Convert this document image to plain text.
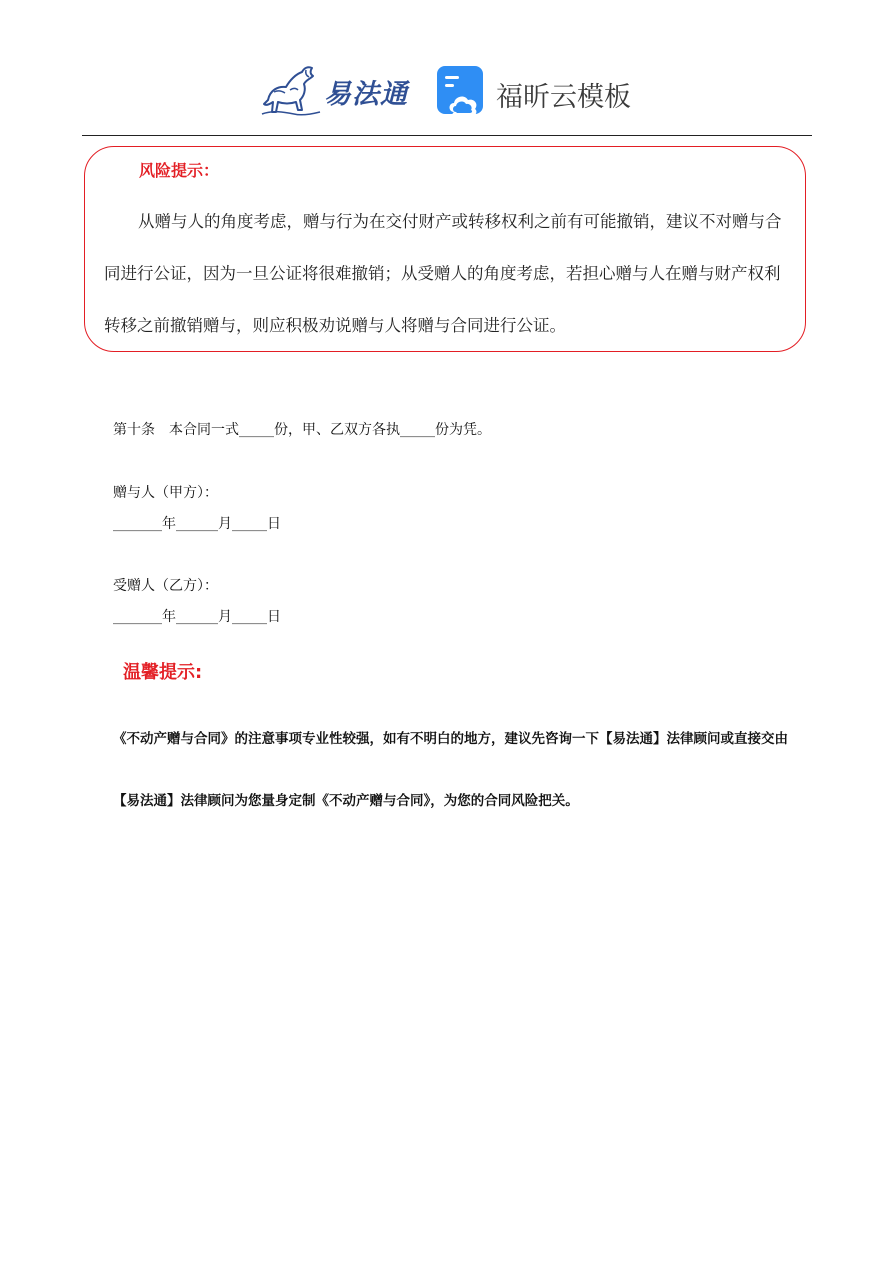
易法通	福昕云模板
风险提示：

从赠与人的角度考虑，赠与行为在交付财产或转移权利之前有可能撤销，建议不对赠与合同进行公证，因为一旦公证将很难撤销；从受赠人的角度考虑，若担心赠与人在赠与财产权利转移之前撤销赠与，则应积极劝说赠与人将赠与合同进行公证。

第十条　本合同一式_____份，甲、乙双方各执_____份为凭。
赠与人（甲方）：
_______年______月_____日
受赠人（乙方）：
_______年______月_____日
温馨提示:

《不动产赠与合同》的注意事项专业性较强，如有不明白的地方，建议先咨询一下【易法通】法律顾问或直接交由【易法通】法律顾问为您量身定制《不动产赠与合同》，为您的合同风险把关。
